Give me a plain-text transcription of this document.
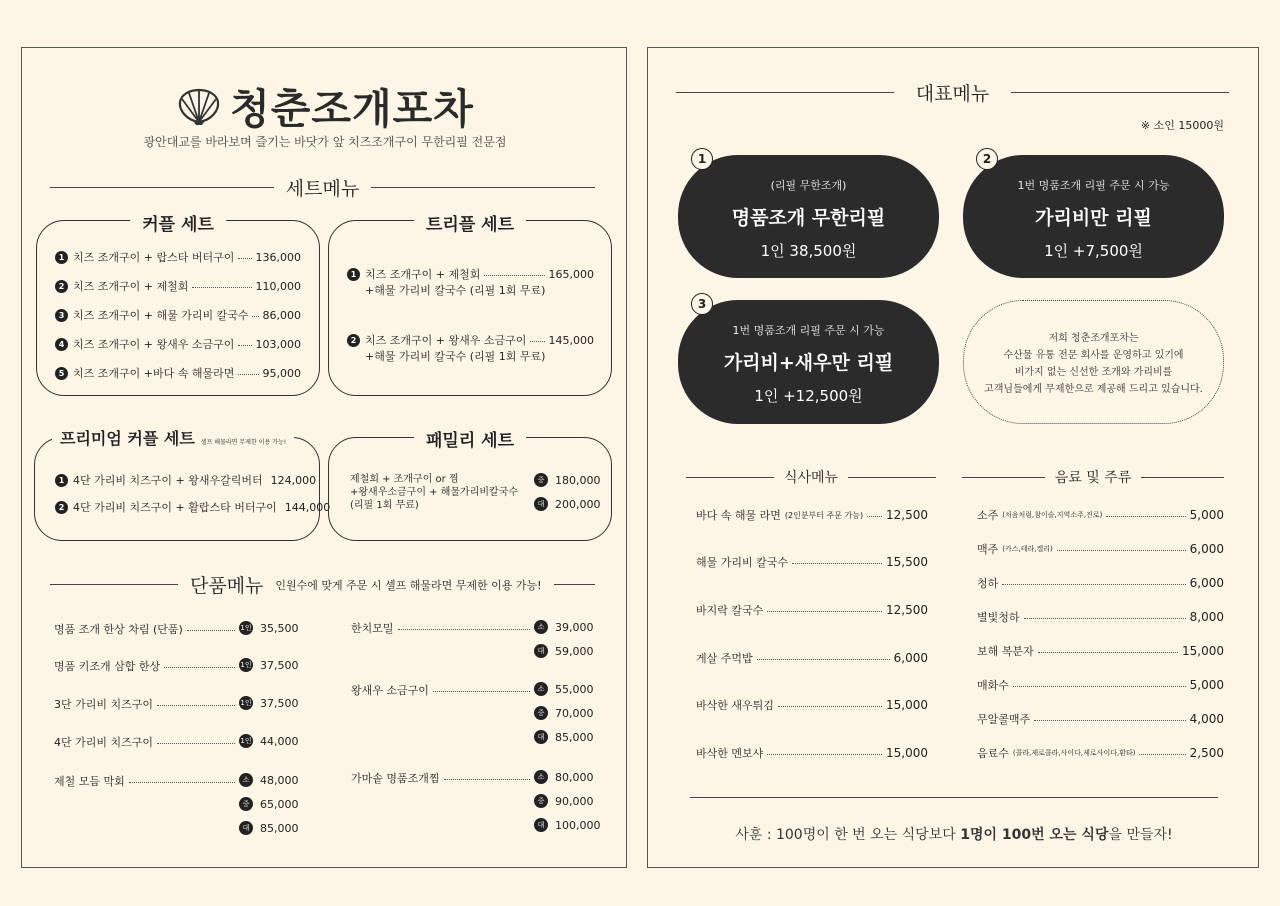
청춘조개포차
광안대교를 바라보며 즐기는 바닷가 앞 치즈조개구이 무한리필 전문점
세트메뉴
커플 세트
1 치즈 조개구이 + 랍스타 버터구이 136,000
2 치즈 조개구이 + 제철회	110,000
3 치즈 조개구이 + 해물 가리비 칼국수 86,000
4 치즈 조개구이 + 왕새우 소금구이 103,000
5 치즈 조개구이 +바다 속 해물라면	95,000
트리플 세트
1 치즈 조개구이 + 제철회	165,000
+해물 가리비 칼국수 (리필 1회 무료)
2 치즈 조개구이 + 왕새우 소금구이 145,000
+해물 가리비 칼국수 (리필 1회 무료)
프리미엄 커플 세트 셀프 해물라면 무제한 이용 가능!
1 4단 가리비 치즈구이 + 왕새우갈릭버터 124,000
2 4단 가리비 치즈구이 + 활랍스타 버터구이 144,000
패밀리 세트
제철회 + 조개구이 or 찜
+왕새우소금구이 + 해물가리비칼국수
(리필 1회 무료)
중 180,000
대 200,000
단품메뉴 인원수에 맞게 주문 시 셀프 해물라면 무제한 이용 가능!
명품 조개 한상 차림 (단품)	1인 35,500
명품 키조개 삼합 한상	1인 37,500
3단 가리비 치즈구이	1인 37,500
4단 가리비 치즈구이	1인 44,000
제철 모듬 막회	소 48,000
중 65,000
대 85,000
한치모밀	소 39,000
대 59,000
왕새우 소금구이	소 55,000
중 70,000
대 85,000
가마솥 명품조개찜	소 80,000
중 90,000
대 100,000
대표메뉴
※ 소인 15000원
(리필 무한조개)
명품조개 무한리필
1인 38,500원
1
1번 명품조개 리필 주문 시 가능
가리비만 리필
1인 +7,500원
2
1번 명품조개 리필 주문 시 가능
가리비+새우만 리필
1인 +12,500원
3
저희 청춘조개포차는
수산물 유통 전문 회사를 운영하고 있기에
비가지 없는 신선한 조개와 가리비를
고객님들에게 무제한으로 제공해 드리고 있습니다.
식사메뉴	음료 및 주류
바다 속 해물 라면 (2인분부터 주문 가능) 12,500
해물 가리비 칼국수	15,500
바지락 칼국수	12,500
게살 주먹밥	6,000
바삭한 새우튀김	15,000
바삭한 멘보샤	15,000
소주 (처음처럼,참이슬,지역소주,진로)	5,000
맥주 (카스,테라,켈리)	6,000
청하	6,000
별빛청하	8,000
보해 복분자	15,000
매화수	5,000
무알콜맥주	4,000
음료수 (콜라,제로콜라,사이다,제로사이다,환타)	2,500
사훈 : 100명이 한 번 오는 식당보다 1명이 100번 오는 식당을 만들자!
